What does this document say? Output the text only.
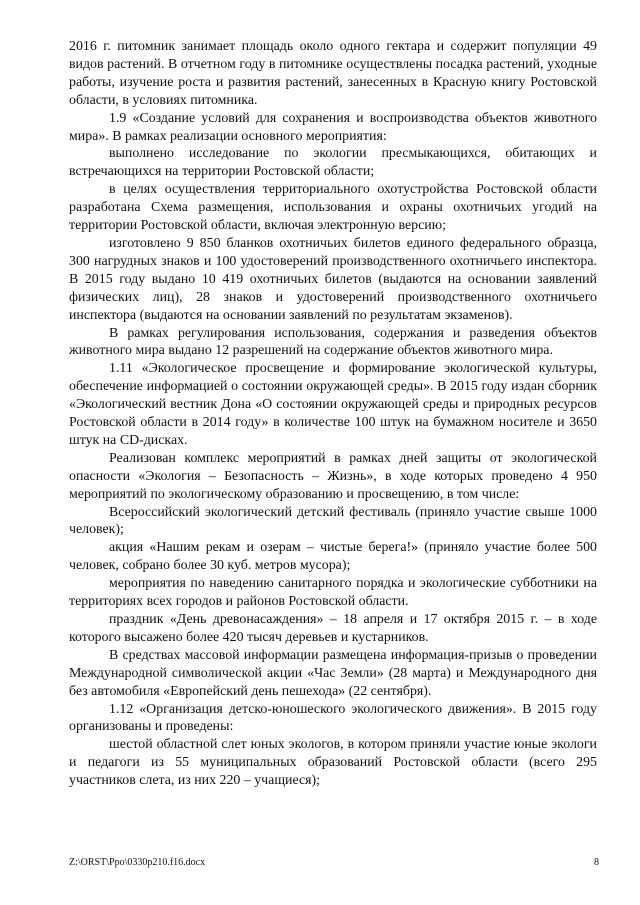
2016 г. питомник занимает площадь около одного гектара и содержит популяции 49 видов растений. В отчетном году в питомнике осуществлены посадка растений, уходные работы, изучение роста и развития растений, занесенных в Красную книгу Ростовской области, в условиях питомника.

1.9 «Создание условий для сохранения и воспроизводства объектов животного мира». В рамках реализации основного мероприятия:

выполнено исследование по экологии пресмыкающихся, обитающих и встречающихся на территории Ростовской области;

в целях осуществления территориального охотустройства Ростовской области разработана Схема размещения, использования и охраны охотничьих угодий на территории Ростовской области, включая электронную версию;

изготовлено 9 850 бланков охотничьих билетов единого федерального образца, 300 нагрудных знаков и 100 удостоверений производственного охотничьего инспектора. В 2015 году выдано 10 419 охотничьих билетов (выдаются на основании заявлений физических лиц), 28 знаков и удостоверений производственного охотничьего инспектора (выдаются на основании заявлений по результатам экзаменов).

В рамках регулирования использования, содержания и разведения объектов животного мира выдано 12 разрешений на содержание объектов животного мира.

1.11 «Экологическое просвещение и формирование экологической культуры, обеспечение информацией о состоянии окружающей среды». В 2015 году издан сборник «Экологический вестник Дона «О состоянии окружающей среды и природных ресурсов Ростовской области в 2014 году» в количестве 100 штук на бумажном носителе и 3650 штук на CD-дисках.

Реализован комплекс мероприятий в рамках дней защиты от экологической опасности «Экология – Безопасность – Жизнь», в ходе которых проведено 4 950 мероприятий по экологическому образованию и просвещению, в том числе:

Всероссийский экологический детский фестиваль (приняло участие свыше 1000 человек);

акция «Нашим рекам и озерам – чистые берега!» (приняло участие более 500 человек, собрано более 30 куб. метров мусора);

мероприятия по наведению санитарного порядка и экологические субботники на территориях всех городов и районов Ростовской области.

праздник «День древонасаждения» – 18 апреля и 17 октября 2015 г. – в ходе которого высажено более 420 тысяч деревьев и кустарников.

В средствах массовой информации размещена информация-призыв о проведении Международной символической акции «Час Земли» (28 марта) и Международного дня без автомобиля «Европейский день пешехода» (22 сентября).

1.12 «Организация детско-юношеского экологического движения». В 2015 году организованы и проведены:

шестой областной слет юных экологов, в котором приняли участие юные экологи и педагоги из 55 муниципальных образований Ростовской области (всего 295 участников слета, из них 220 – учащиеся);

Z:\ORST\Ppo\0330p210.f16.docx	8
